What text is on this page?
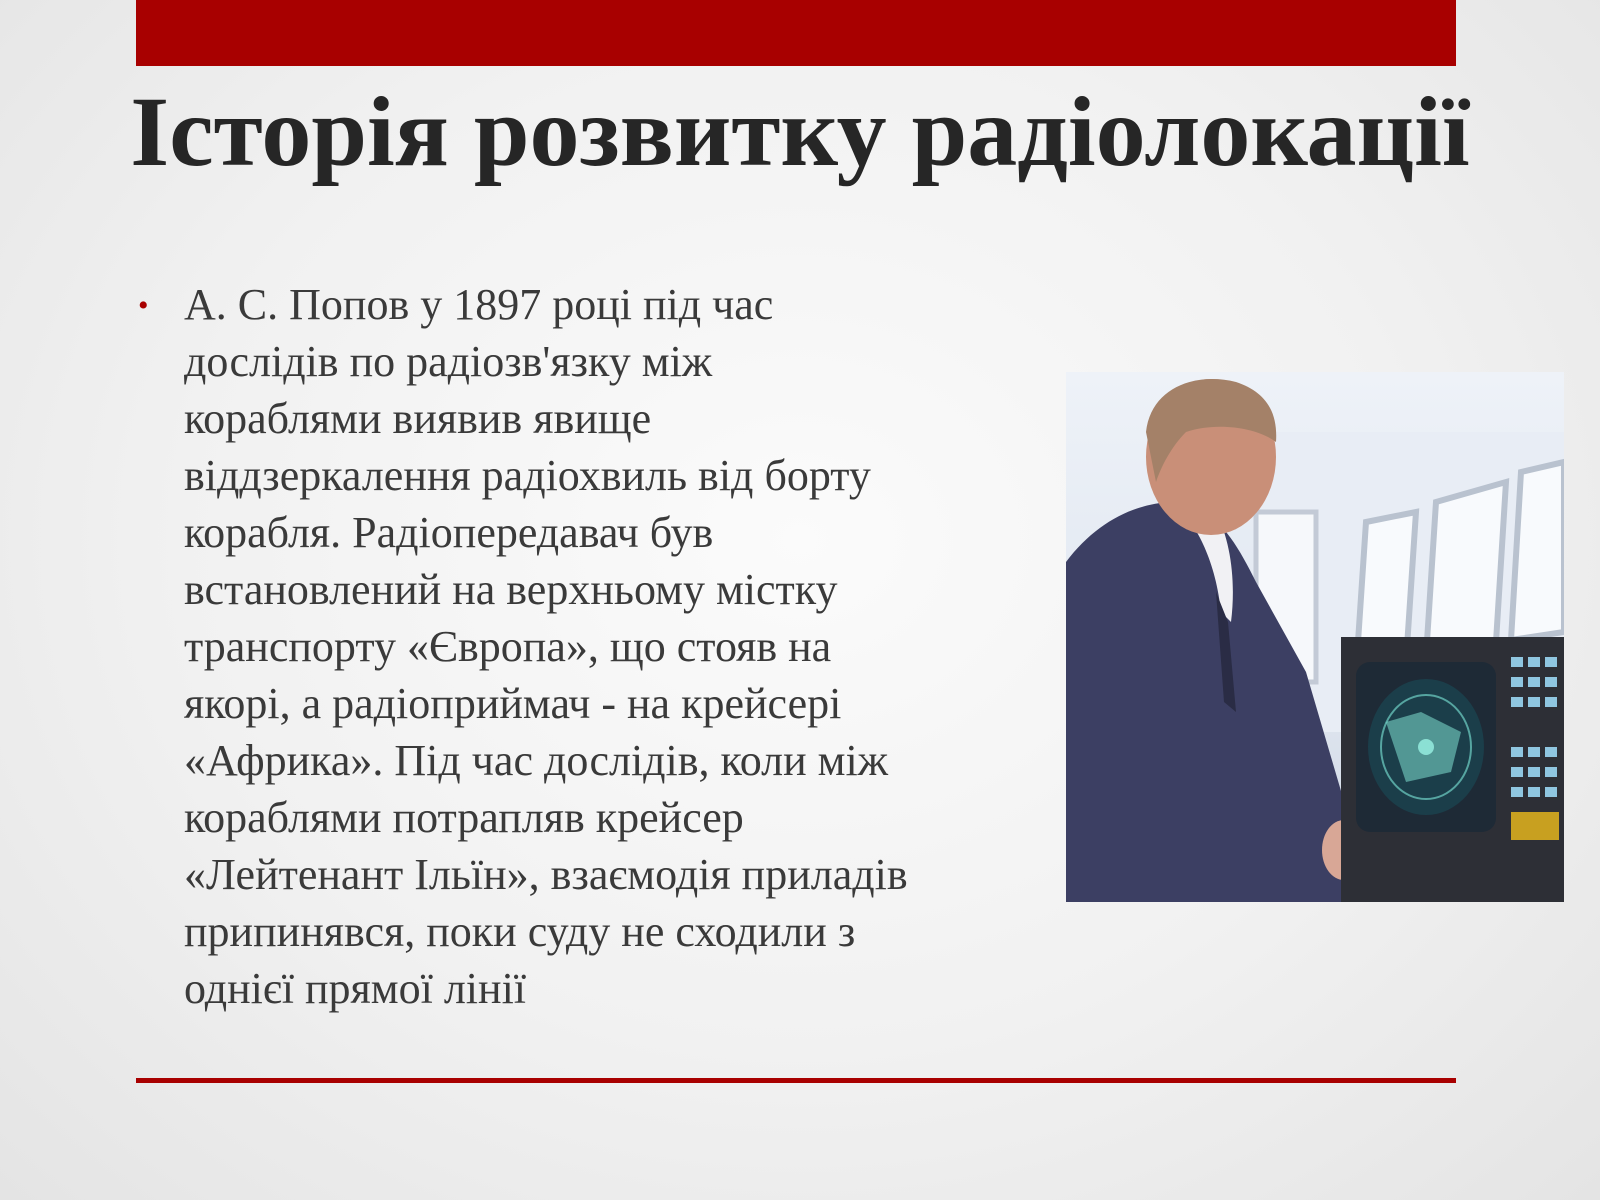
Історія розвитку радіолокації
• А. С. Попов у 1897 році під час
дослідів по радіозв'язку між
кораблями виявив явище
віддзеркалення радіохвиль від борту
корабля. Радіопередавач був
встановлений на верхньому містку
транспорту «Європа», що стояв на
якорі, а радіоприймач - на крейсері
«Африка». Під час дослідів, коли між
кораблями потрапляв крейсер
«Лейтенант Ільїн», взаємодія приладів
припинявся, поки суду не сходили з
однієї прямої лінії
